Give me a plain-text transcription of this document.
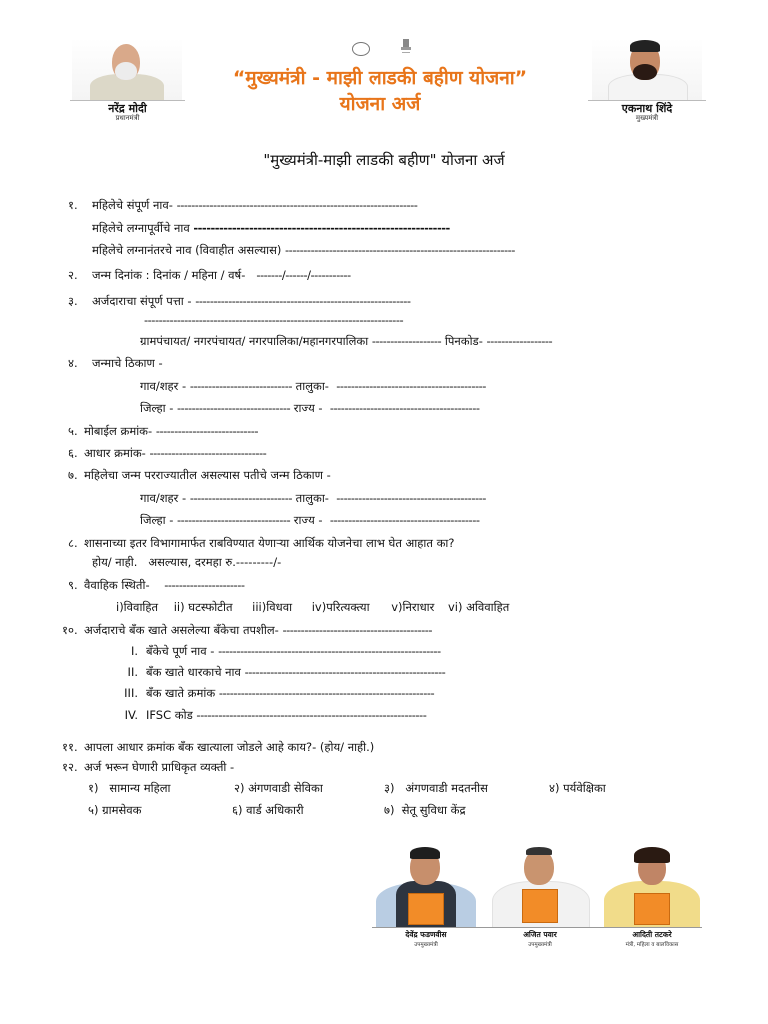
नरेंद्र मोदी
प्रधानमंत्री
“मुख्यमंत्री - माझी लाडकी बहीण योजना”
योजना अर्ज	एकनाथ शिंदे
मुख्यमंत्री
"मुख्यमंत्री-माझी लाडकी बहीण" योजना अर्ज
१. महिलेचे संपूर्ण नाव- ------------------------------------------------------------------
महिलेचे लग्नापूर्वीचे नाव ------------------------------------------------------------
महिलेचे लग्नानंतरचे नाव (विवाहीत असल्यास) ---------------------------------------------------------------
२. जन्म दिनांक : दिनांक / महिना / वर्ष- -------/------/-----------
३. अर्जदाराचा संपूर्ण पत्ता - -----------------------------------------------------------
-----------------------------------------------------------------------
ग्रामपंचायत/ नगरपंचायत/ नगरपालिका/महानगरपालिका ------------------- पिनकोड- ------------------
४. जन्माचे ठिकाण -
गाव/शहर - ---------------------------- तालुका-  -----------------------------------------
जिल्हा - ------------------------------- राज्य -  -----------------------------------------
५. मोबाईल क्रमांक- ----------------------------
६. आधार क्रमांक- --------------------------------
७. महिलेचा जन्म परराज्यातील असल्यास पतीचे जन्म ठिकाण -
गाव/शहर - ---------------------------- तालुका-  -----------------------------------------
जिल्हा - ------------------------------- राज्य -  -----------------------------------------
८. शासनाच्या इतर विभागामार्फत राबविण्यात येणाऱ्या आर्थिक योजनेचा लाभ घेत आहात का?
होय/ नाही.   असल्यास, दरमहा रु.---------/-
९. वैवाहिक स्थिती- ----------------------
i)विवाहित ii) घटस्फोटीत iii)विधवा iv)परित्यक्त्या v)निराधार vi) अविवाहित
१०. अर्जदाराचे बँक खाते असलेल्या बँकेचा तपशील- -----------------------------------------
I. बँकेचे पूर्ण नाव - -------------------------------------------------------------
II. बँक खाते धारकाचे नाव -------------------------------------------------------
III. बँक खाते क्रमांक -----------------------------------------------------------
IV. IFSC कोड ---------------------------------------------------------------
११. आपला आधार क्रमांक बँक खात्याला जोडले आहे काय?- (होय/ नाही.)
१२. अर्ज भरून घेणारी प्राधिकृत व्यक्ती -
१)   सामान्य महिला	२) अंगणवाडी सेविका	३)   अंगणवाडी मदतनीस	४) पर्यवेक्षिका
५) ग्रामसेवक	६) वार्ड अधिकारी	७)  सेतू सुविधा केंद्र
देवेंद्र फडणवीस
उपमुख्यमंत्री
अजित पवार
उपमुख्यमंत्री
आदिती तटकरे
मंत्री, महिला व बालविकास
